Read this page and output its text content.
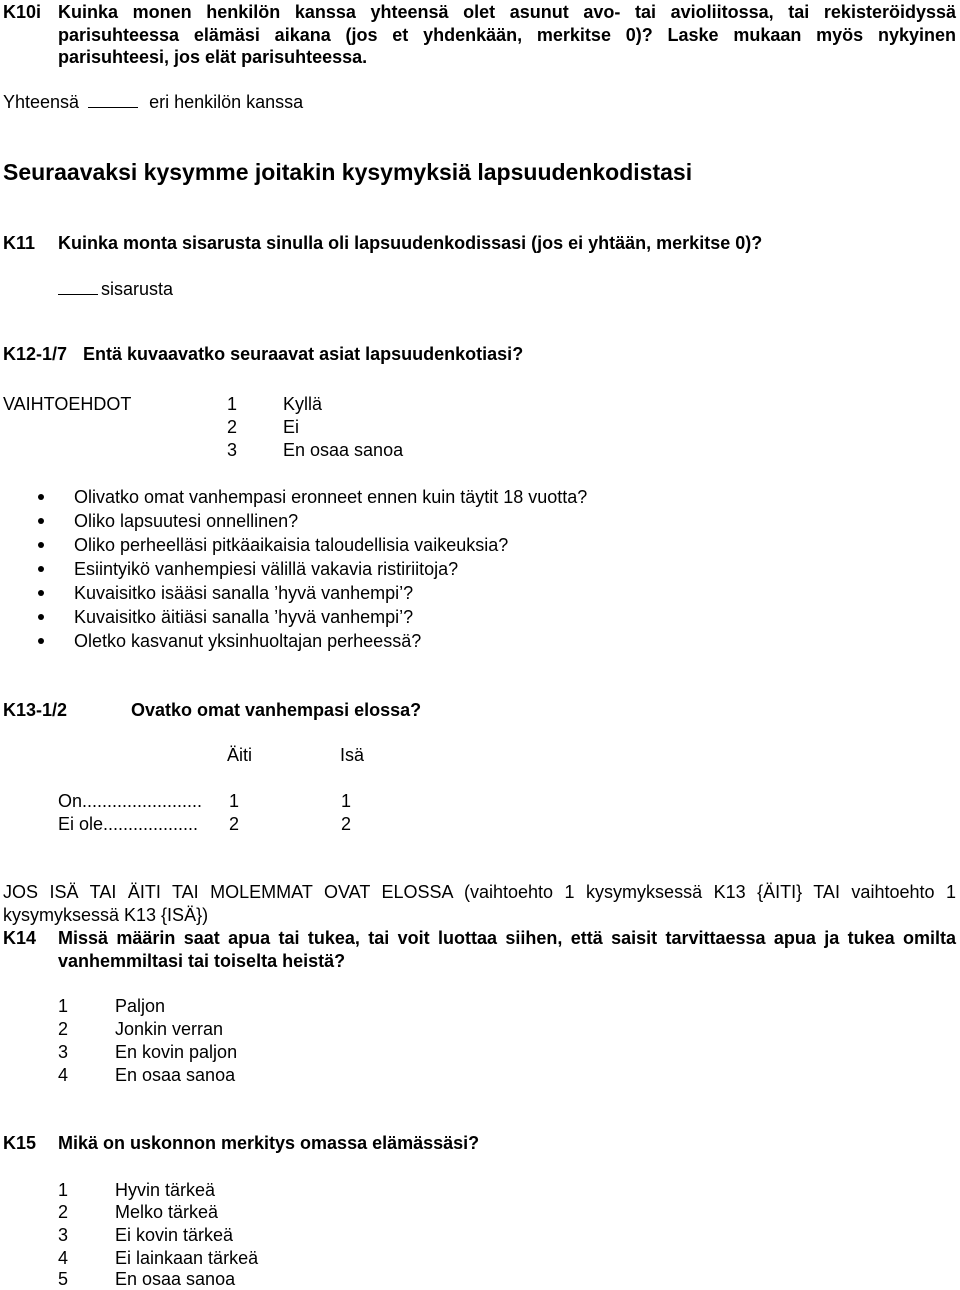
K10i Kuinka monen henkilön kanssa yhteensä olet asunut avo- tai avioliitossa, tai rekisteröidyssä parisuhteessa elämäsi aikana (jos et yhdenkään, merkitse 0)? Laske mukaan myös nykyinen parisuhteesi, jos elät parisuhteessa.
Yhteensä	eri henkilön kanssa
Seuraavaksi kysymme joitakin kysymyksiä lapsuudenkodistasi
K11 Kuinka monta sisarusta sinulla oli lapsuudenkodissasi (jos ei yhtään, merkitse 0)?
sisarusta
K12-1/7 Entä kuvaavatko seuraavat asiat lapsuudenkotiasi?
VAIHTOEHDOT	1	Kyllä
2	Ei
3	En osaa sanoa
Olivatko omat vanhempasi eronneet ennen kuin täytit 18 vuotta?
Oliko lapsuutesi onnellinen?
Oliko perheelläsi pitkäaikaisia taloudellisia vaikeuksia?
Esiintyikö vanhempiesi välillä vakavia ristiriitoja?
Kuvaisitko isääsi sanalla ’hyvä vanhempi’?
Kuvaisitko äitiäsi sanalla ’hyvä vanhempi’?
Oletko kasvanut yksinhuoltajan perheessä?
K13-1/2	Ovatko omat vanhempasi elossa?
Äiti	Isä
On........................ 1	1
Ei ole................... 2	2
JOS ISÄ TAI ÄITI TAI MOLEMMAT OVAT ELOSSA (vaihtoehto 1 kysymyksessä K13 {ÄITI} TAI vaihtoehto 1 kysymyksessä K13 {ISÄ})
K14 Missä määrin saat apua tai tukea, tai voit luottaa siihen, että saisit tarvittaessa apua ja tukea omilta vanhemmiltasi tai toiselta heistä?
1	Paljon
2	Jonkin verran
3	En kovin paljon
4	En osaa sanoa
K15 Mikä on uskonnon merkitys omassa elämässäsi?
1	Hyvin tärkeä
2	Melko tärkeä
3	Ei kovin tärkeä
4	Ei lainkaan tärkeä
5	En osaa sanoa
